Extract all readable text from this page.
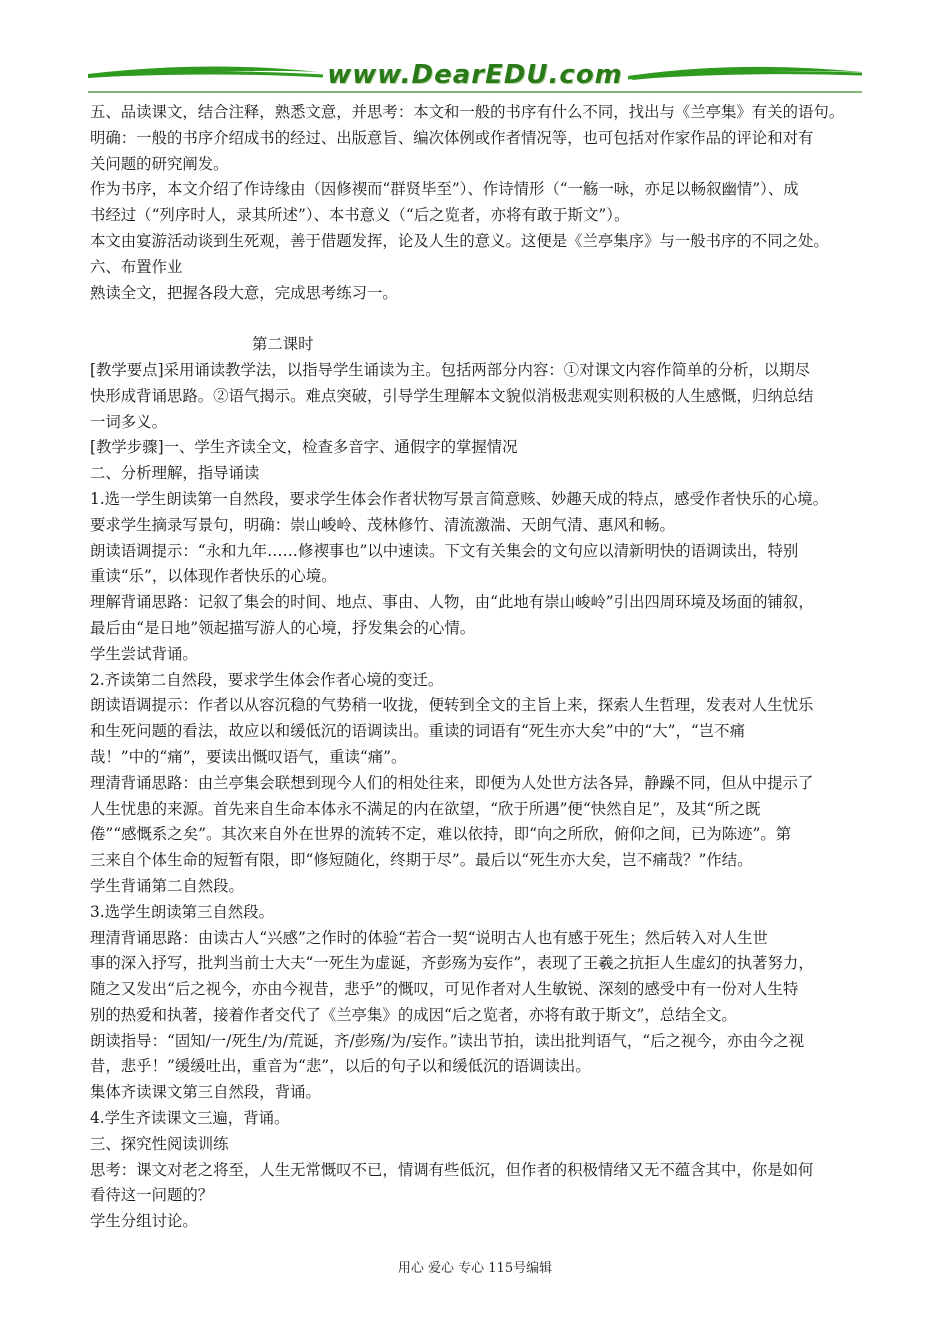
www.DearEDU.com

五、品读课文，结合注释，熟悉文意，并思考：本文和一般的书序有什么不同，找出与《兰亭集》有关的语句。

明确：一般的书序介绍成书的经过、出版意旨、编次体例或作者情况等，也可包括对作家作品的评论和对有

关问题的研究阐发。

作为书序，本文介绍了作诗缘由（因修禊而“群贤毕至”）、作诗情形（“一觞一咏，亦足以畅叙幽情”）、成

书经过（“列序时人，录其所述”）、本书意义（“后之览者，亦将有敢于斯文”）。

本文由宴游活动谈到生死观，善于借题发挥，论及人生的意义。这便是《兰亭集序》与一般书序的不同之处。

六、布置作业

熟读全文，把握各段大意，完成思考练习一。

第二课时

[教学要点]采用诵读教学法，以指导学生诵读为主。包括两部分内容：①对课文内容作简单的分析，以期尽

快形成背诵思路。②语气揭示。难点突破，引导学生理解本文貌似消极悲观实则积极的人生感慨，归纳总结

一词多义。

[教学步骤]一、学生齐读全文，检查多音字、通假字的掌握情况

二、分析理解，指导诵读

1.选一学生朗读第一自然段，要求学生体会作者状物写景言简意赅、妙趣天成的特点，感受作者快乐的心境。

要求学生摘录写景句，明确：崇山峻岭、茂林修竹、清流激湍、天朗气清、惠风和畅。

朗读语调提示：“永和九年……修禊事也”以中速读。下文有关集会的文句应以清新明快的语调读出，特别

重读“乐”，以体现作者快乐的心境。

理解背诵思路：记叙了集会的时间、地点、事由、人物，由“此地有崇山峻岭”引出四周环境及场面的铺叙，

最后由“是日地”领起描写游人的心境，抒发集会的心情。

学生尝试背诵。

2.齐读第二自然段，要求学生体会作者心境的变迁。

朗读语调提示：作者以从容沉稳的气势稍一收拢，便转到全文的主旨上来，探索人生哲理，发表对人生忧乐

和生死问题的看法，故应以和缓低沉的语调读出。重读的词语有“死生亦大矣”中的“大”，“岂不痛

哉！”中的“痛”，要读出慨叹语气，重读“痛”。

理清背诵思路：由兰亭集会联想到现今人们的相处往来，即便为人处世方法各异，静躁不同，但从中提示了

人生忧患的来源。首先来自生命本体永不满足的内在欲望，“欣于所遇”便“快然自足”，及其“所之既

倦”“感慨系之矣”。其次来自外在世界的流转不定，难以依持，即“向之所欣，俯仰之间，已为陈迹”。第

三来自个体生命的短暂有限，即“修短随化，终期于尽”。最后以“死生亦大矣，岂不痛哉？”作结。

学生背诵第二自然段。

3.选学生朗读第三自然段。

理清背诵思路：由读古人“兴感”之作时的体验“若合一契“说明古人也有感于死生；然后转入对人生世

事的深入抒写，批判当前士大夫“一死生为虚诞，齐彭殇为妄作”，表现了王羲之抗拒人生虚幻的执著努力，

随之又发出“后之视今，亦由今视昔，悲乎”的慨叹，可见作者对人生敏锐、深刻的感受中有一份对人生特

别的热爱和执著，接着作者交代了《兰亭集》的成因“后之览者，亦将有敢于斯文”，总结全文。

朗读指导：“固知/一/死生/为/荒诞，齐/彭殇/为/妄作。”读出节拍，读出批判语气，“后之视今，亦由今之视

昔，悲乎！”缓缓吐出，重音为“悲”，以后的句子以和缓低沉的语调读出。

集体齐读课文第三自然段，背诵。

4.学生齐读课文三遍，背诵。

三、探究性阅读训练

思考：课文对老之将至，人生无常慨叹不已，情调有些低沉，但作者的积极情绪又无不蕴含其中，你是如何

看待这一问题的？

学生分组讨论。

用心 爱心 专心 115号编辑
